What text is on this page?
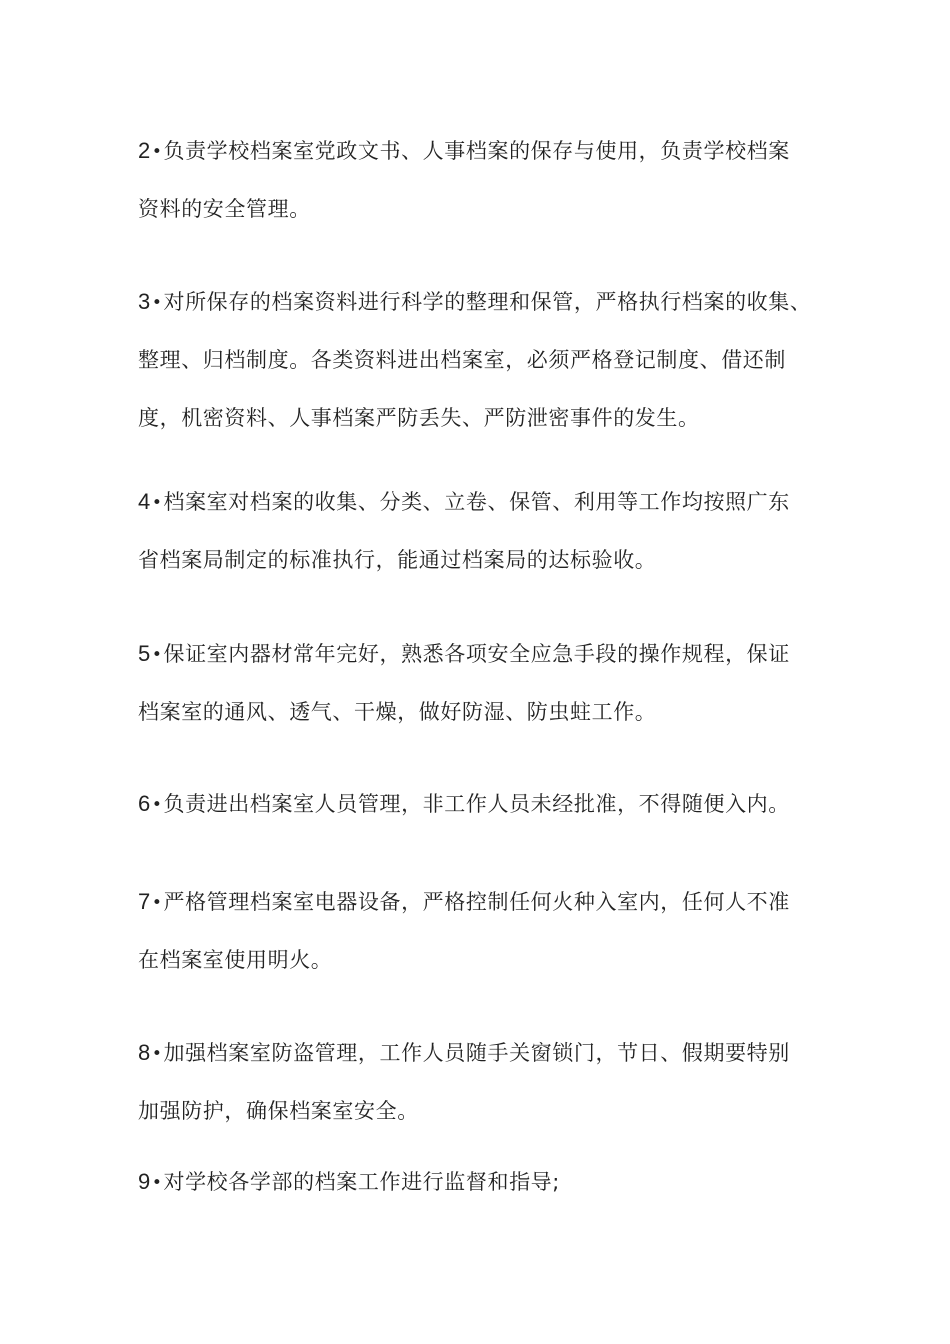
2•负责学校档案室党政文书、人事档案的保存与使用，负责学校档案
资料的安全管理。
3•对所保存的档案资料进行科学的整理和保管，严格执行档案的收集、
整理、归档制度。各类资料进出档案室，必须严格登记制度、借还制
度，机密资料、人事档案严防丢失、严防泄密事件的发生。
4•档案室对档案的收集、分类、立卷、保管、利用等工作均按照广东
省档案局制定的标准执行，能通过档案局的达标验收。
5•保证室内器材常年完好，熟悉各项安全应急手段的操作规程，保证
档案室的通风、透气、干燥，做好防湿、防虫蛀工作。
6•负责进出档案室人员管理，非工作人员未经批准，不得随便入内。
7•严格管理档案室电器设备，严格控制任何火种入室内，任何人不准
在档案室使用明火。
8•加强档案室防盗管理，工作人员随手关窗锁门，节日、假期要特别
加强防护，确保档案室安全。
9•对学校各学部的档案工作进行监督和指导;
